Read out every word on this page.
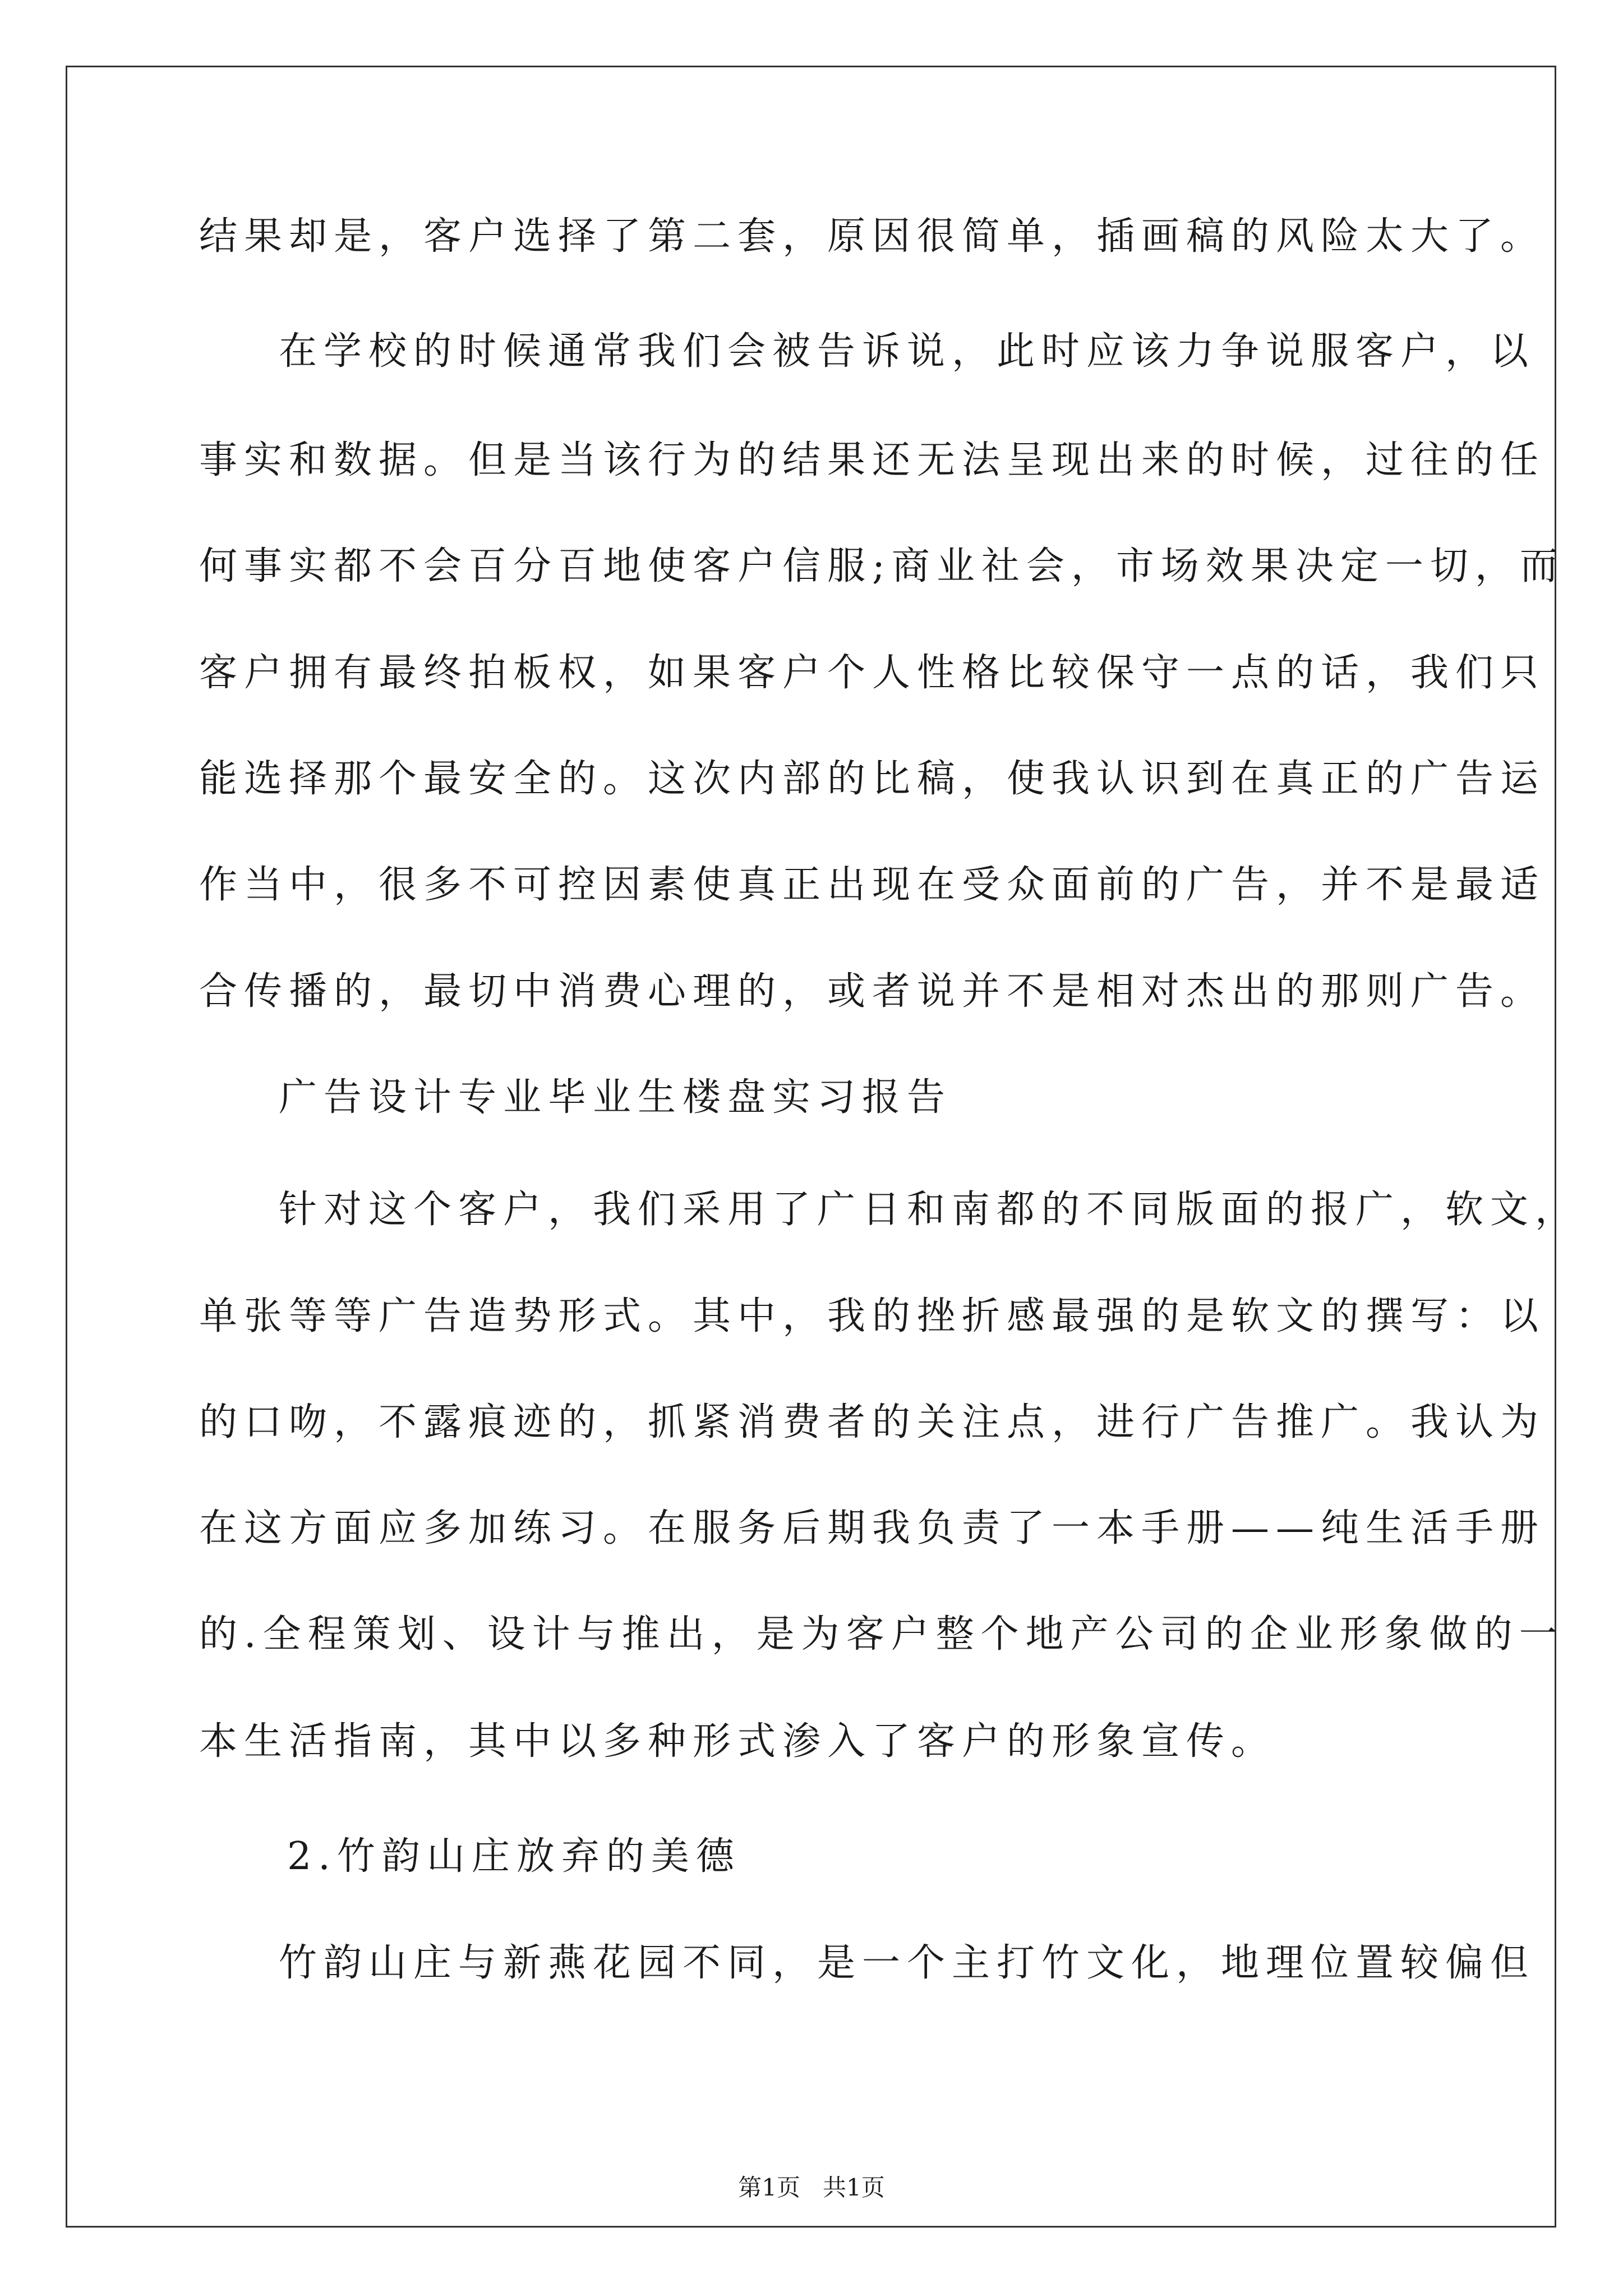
结果却是，客户选择了第二套，原因很简单，插画稿的风险太大了。
在学校的时候通常我们会被告诉说，此时应该力争说服客户，以
事实和数据。但是当该行为的结果还无法呈现出来的时候，过往的任
何事实都不会百分百地使客户信服;商业社会，市场效果决定一切，而
客户拥有最终拍板权，如果客户个人性格比较保守一点的话，我们只
能选择那个最安全的。这次内部的比稿，使我认识到在真正的广告运
作当中，很多不可控因素使真正出现在受众面前的广告，并不是最适
合传播的，最切中消费心理的，或者说并不是相对杰出的那则广告。
广告设计专业毕业生楼盘实习报告
针对这个客户，我们采用了广日和南都的不同版面的报广，软文，
单张等等广告造势形式。其中，我的挫折感最强的是软文的撰写：以
的口吻，不露痕迹的，抓紧消费者的关注点，进行广告推广。我认为
在这方面应多加练习。在服务后期我负责了一本手册——纯生活手册
的.全程策划、设计与推出，是为客户整个地产公司的企业形象做的一
本生活指南，其中以多种形式渗入了客户的形象宣传。
2.竹韵山庄放弃的美德
竹韵山庄与新燕花园不同，是一个主打竹文化，地理位置较偏但
第1页   共1页
